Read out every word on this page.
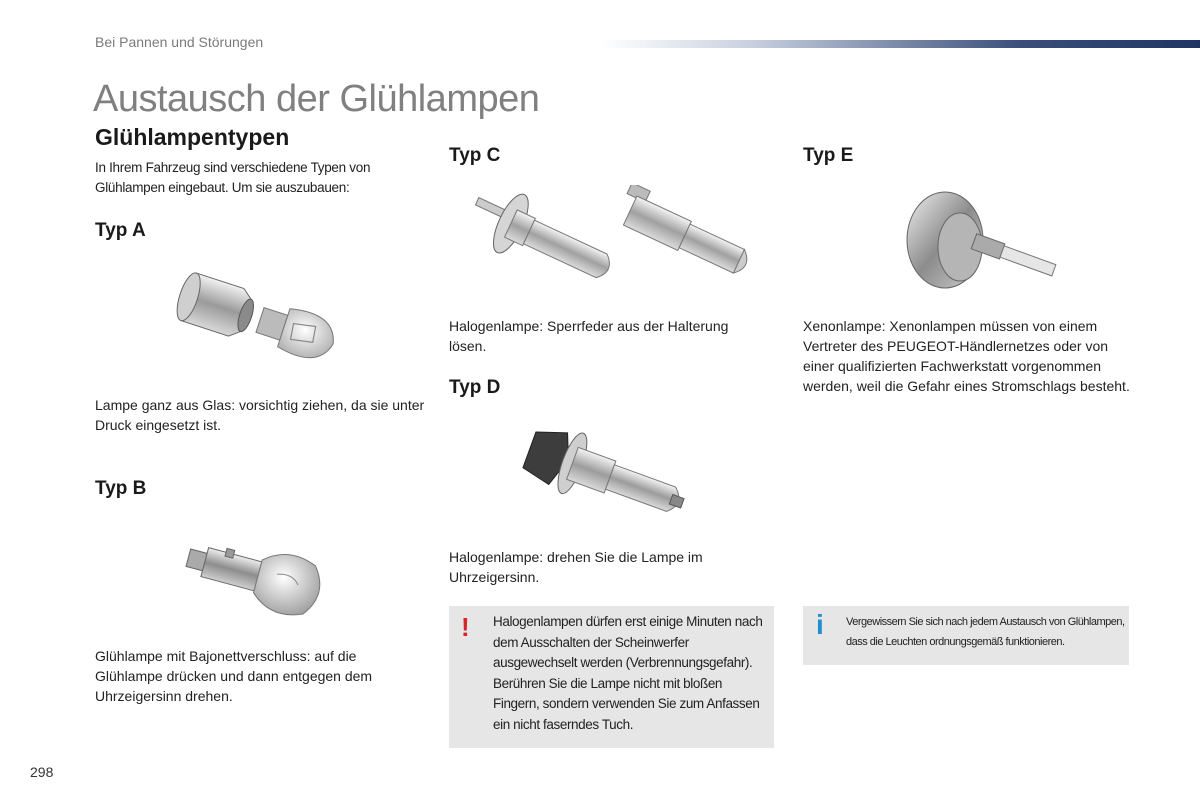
Bei Pannen und Störungen
Austausch der Glühlampen
Glühlampentypen
In Ihrem Fahrzeug sind verschiedene Typen von Glühlampen eingebaut. Um sie auszubauen:
Typ A
Lampe ganz aus Glas: vorsichtig ziehen, da sie unter Druck eingesetzt ist.
Typ B
Glühlampe mit Bajonettverschluss: auf die Glühlampe drücken und dann entgegen dem Uhrzeigersinn drehen.
Typ C
Halogenlampe: Sperrfeder aus der Halterung lösen.
Typ D
Halogenlampe: drehen Sie die Lampe im Uhrzeigersinn.
Typ E
Xenonlampe: Xenonlampen müssen von einem Vertreter des PEUGEOT-Händlernetzes oder von einer qualifizierten Fachwerkstatt vorgenommen werden, weil die Gefahr eines Stromschlags besteht.
! Halogenlampen dürfen erst einige Minuten nach dem Ausschalten der Scheinwerfer ausgewechselt werden (Verbrennungsgefahr). Berühren Sie die Lampe nicht mit bloßen Fingern, sondern verwenden Sie zum Anfassen ein nicht faserndes Tuch.
i Vergewissern Sie sich nach jedem Austausch von Glühlampen, dass die Leuchten ordnungsgemäß funktionieren.
298
